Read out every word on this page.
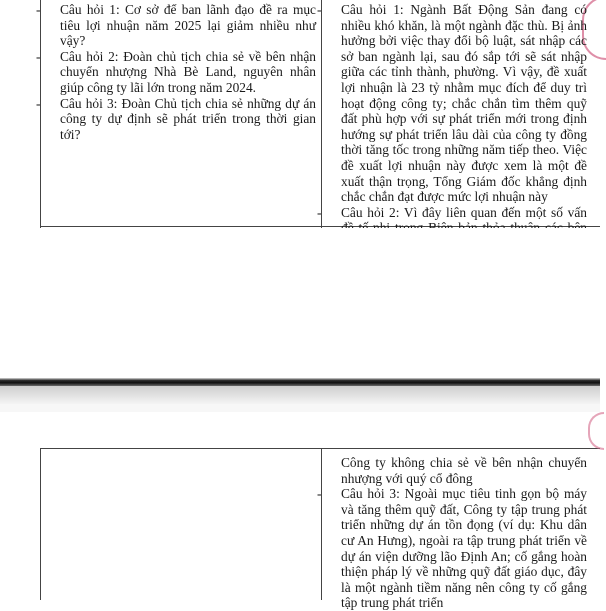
- Câu hỏi 1: Cơ sở để ban lãnh đạo đề ra mục tiêu lợi nhuận năm 2025 lại giảm nhiều như vậy?
- Câu hỏi 2: Đoàn chủ tịch chia sẻ về bên nhận chuyển nhượng Nhà Bè Land, nguyên nhân giúp công ty lãi lớn trong năm 2024.
- Câu hỏi 3: Đoàn Chủ tịch chia sẻ những dự án công ty dự định sẽ phát triển trong thời gian tới?
- Câu hỏi 1: Ngành Bất Động Sản đang có nhiều khó khăn, là một ngành đặc thù. Bị ảnh hưởng bởi việc thay đổi bộ luật, sát nhập các sở ban ngành lại, sau đó sắp tới sẽ sát nhập giữa các tỉnh thành, phường. Vì vậy, đề xuất lợi nhuận là 23 tỷ nhằm mục đích để duy trì hoạt động công ty; chắc chắn tìm thêm quỹ đất phù hợp với sự phát triển mới trong định hướng sự phát triển lâu dài của công ty đồng thời tăng tốc trong những năm tiếp theo. Việc đề xuất lợi nhuận này được xem là một đề xuất thận trọng, Tổng Giám đốc khẳng định chắc chắn đạt được mức lợi nhuận này
- Câu hỏi 2: Vì đây liên quan đến một số vấn
Công ty không chia sẻ về bên nhận chuyển nhượng với quý cổ đông
- Câu hỏi 3: Ngoài mục tiêu tinh gọn bộ máy và tăng thêm quỹ đất, Công ty tập trung phát triển những dự án tồn đọng (ví dụ: Khu dân cư An Hưng), ngoài ra tập trung phát triển về dự án viện dưỡng lão Định An; cố gắng hoàn thiện pháp lý về những quỹ đất giáo dục, đây là một ngành tiềm năng nên công ty cố gắng tập trung phát triển
